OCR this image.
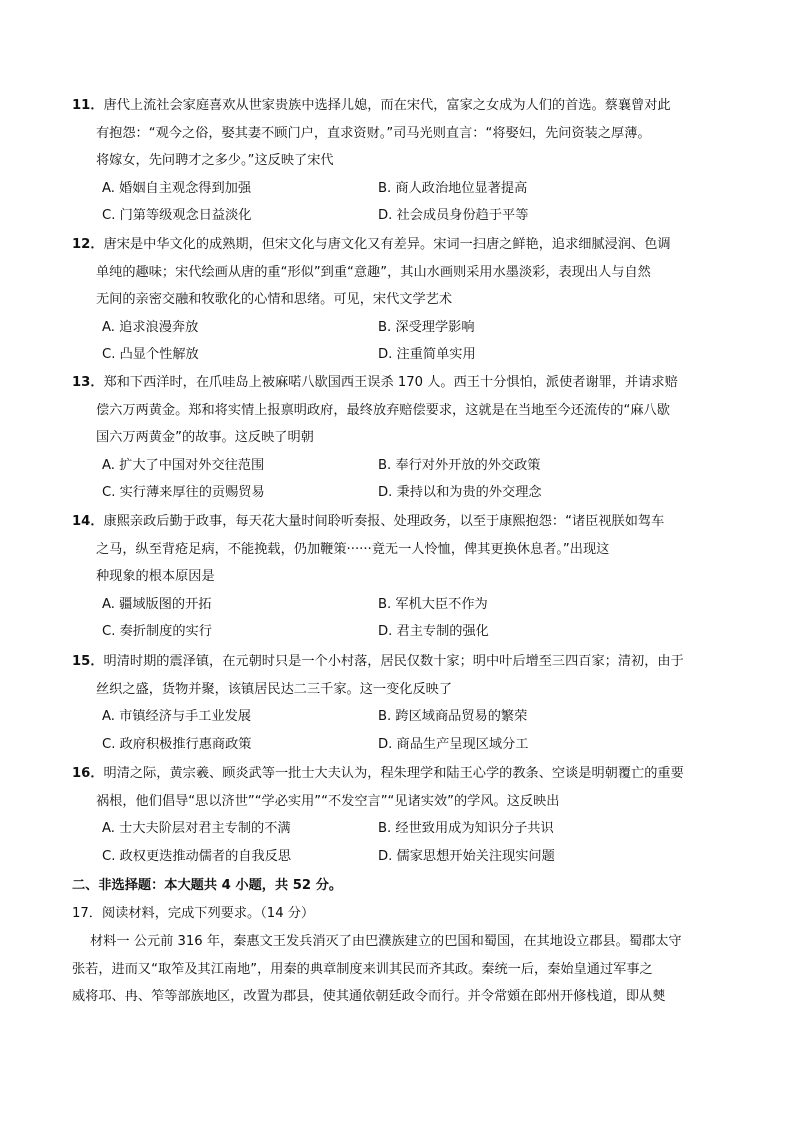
11．唐代上流社会家庭喜欢从世家贵族中选择儿媳，而在宋代，富家之女成为人们的首选。蔡襄曾对此
有抱怨：“观今之俗，娶其妻不顾门户，直求资财。”司马光则直言：“将娶妇，先问资装之厚薄。
将嫁女，先问聘才之多少。”这反映了宋代
A. 婚姻自主观念得到加强	B. 商人政治地位显著提高
C. 门第等级观念日益淡化	D. 社会成员身份趋于平等
12．唐宋是中华文化的成熟期，但宋文化与唐文化又有差异。宋词一扫唐之鲜艳，追求细腻浸润、色调
单纯的趣味；宋代绘画从唐的重“形似”到重“意趣”，其山水画则采用水墨淡彩，表现出人与自然
无间的亲密交融和牧歌化的心情和思绪。可见，宋代文学艺术
A. 追求浪漫奔放	B. 深受理学影响
C. 凸显个性解放	D. 注重简单实用
13．郑和下西洋时，在爪哇岛上被麻喏八歇国西王误杀 170 人。西王十分惧怕，派使者谢罪，并请求赔
偿六万两黄金。郑和将实情上报禀明政府，最终放弃赔偿要求，这就是在当地至今还流传的“麻八歇
国六万两黄金”的故事。这反映了明朝
A. 扩大了中国对外交往范围	B. 奉行对外开放的外交政策
C. 实行薄来厚往的贡赐贸易	D. 秉持以和为贵的外交理念
14．康熙亲政后勤于政事，每天花大量时间聆听奏报、处理政务，以至于康熙抱怨：“诸臣视朕如驾车
之马，纵至背疮足病，不能挽载，仍加鞭策······竟无一人怜恤，俾其更换休息者。”出现这
种现象的根本原因是
A. 疆域版图的开拓	B. 军机大臣不作为
C. 奏折制度的实行	D. 君主专制的强化
15．明清时期的震泽镇，在元朝时只是一个小村落，居民仅数十家；明中叶后增至三四百家；清初，由于
丝织之盛，货物并聚，该镇居民达二三千家。这一变化反映了
A. 市镇经济与手工业发展	B. 跨区域商品贸易的繁荣
C. 政府积极推行惠商政策	D. 商品生产呈现区域分工
16．明清之际，黄宗羲、顾炎武等一批士大夫认为，程朱理学和陆王心学的教条、空谈是明朝覆亡的重要
祸根，他们倡导“思以济世”“学必实用”“不发空言”“见诸实效”的学风。这反映出
A. 士大夫阶层对君主专制的不满	B. 经世致用成为知识分子共识
C. 政权更迭推动儒者的自我反思	D. 儒家思想开始关注现实问题
二、非选择题：本大题共 4 小题，共 52 分。
17．阅读材料，完成下列要求。（14 分）
材料一 公元前 316 年，秦惠文王发兵消灭了由巴濮族建立的巴国和蜀国，在其地设立郡县。蜀郡太守
张若，进而又“取笮及其江南地”，用秦的典章制度来训其民而齐其政。秦统一后，秦始皇通过军事之
威将邛、冉、笮等部族地区，改置为郡县，使其通依朝廷政令而行。并令常頞在郎州开修栈道，即从僰
